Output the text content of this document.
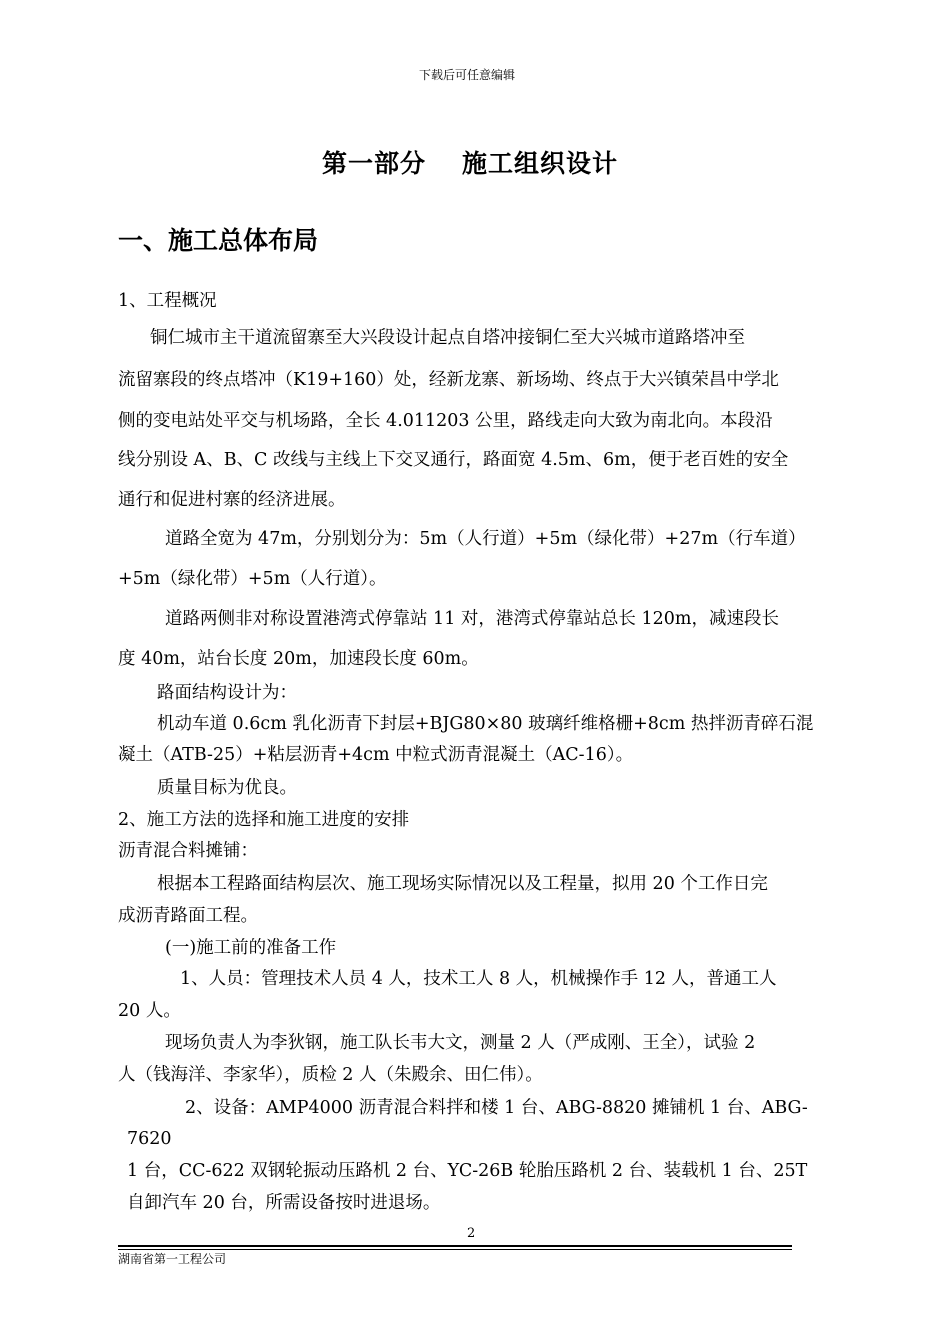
下载后可任意编辑
第一部分 施工组织设计
一、施工总体布局
1、工程概况
铜仁城市主干道流留寨至大兴段设计起点自塔冲接铜仁至大兴城市道路塔冲至
流留寨段的终点塔冲（K19+160）处，经新龙寨、新场坳、终点于大兴镇荣昌中学北
侧的变电站处平交与机场路，全长 4.011203 公里，路线走向大致为南北向。本段沿
线分别设 A、B、C 改线与主线上下交叉通行，路面宽 4.5m、6m，便于老百姓的安全
通行和促进村寨的经济进展。
道路全宽为 47m，分别划分为：5m（人行道）+5m（绿化带）+27m（行车道）
+5m（绿化带）+5m（人行道）。
道路两侧非对称设置港湾式停靠站 11 对，港湾式停靠站总长 120m，减速段长
度 40m，站台长度 20m，加速段长度 60m。
路面结构设计为：
机动车道 0.6cm 乳化沥青下封层+BJG80×80 玻璃纤维格栅+8cm 热拌沥青碎石混
凝土（ATB-25）+粘层沥青+4cm 中粒式沥青混凝土（AC-16）。
质量目标为优良。
2、施工方法的选择和施工进度的安排
沥青混合料摊铺：
根据本工程路面结构层次、施工现场实际情况以及工程量，拟用 20 个工作日完
成沥青路面工程。
(一)施工前的准备工作
1、人员：管理技术人员 4 人，技术工人 8 人，机械操作手 12 人，普通工人
20 人。
现场负责人为李狄钢，施工队长韦大文，测量 2 人（严成刚、王全），试验 2
人（钱海洋、李家华），质检 2 人（朱殿余、田仁伟）。
2、设备：AMP4000 沥青混合料拌和楼 1 台、ABG-8820 摊铺机 1 台、ABG-
7620
1 台，CC-622 双钢轮振动压路机 2 台、YC-26B 轮胎压路机 2 台、装载机 1 台、25T
自卸汽车 20 台，所需设备按时进退场。
2
湖南省第一工程公司
